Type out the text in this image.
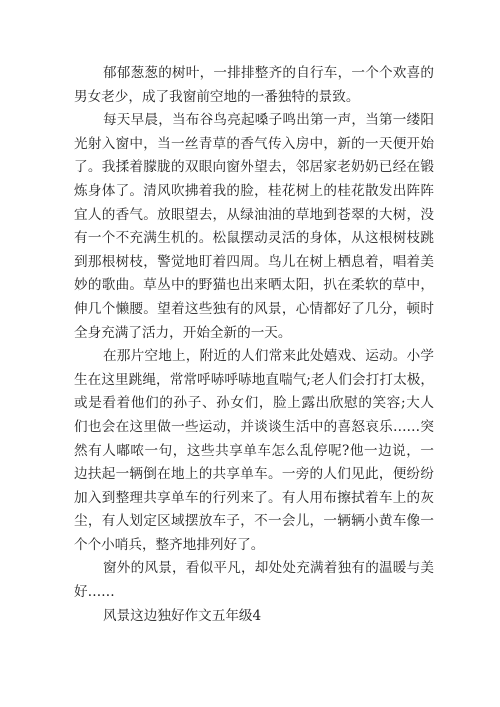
郁郁葱葱的树叶，一排排整齐的自行车，一个个欢喜的
男女老少，成了我窗前空地的一番独特的景致。
每天早晨，当布谷鸟亮起嗓子鸣出第一声，当第一缕阳
光射入窗中，当一丝青草的香气传入房中，新的一天便开始
了。我揉着朦胧的双眼向窗外望去，邻居家老奶奶已经在锻
炼身体了。清风吹拂着我的脸，桂花树上的桂花散发出阵阵
宜人的香气。放眼望去，从绿油油的草地到苍翠的大树，没
有一个不充满生机的。松鼠摆动灵活的身体，从这根树枝跳
到那根树枝，警觉地盯着四周。鸟儿在树上栖息着，唱着美
妙的歌曲。草丛中的野猫也出来晒太阳，扒在柔软的草中，
伸几个懒腰。望着这些独有的风景，心情都好了几分，顿时
全身充满了活力，开始全新的一天。
在那片空地上，附近的人们常来此处嬉戏、运动。小学
生在这里跳绳，常常呼哧呼哧地直喘气;老人们会打打太极，
或是看着他们的孙子、孙女们，脸上露出欣慰的笑容;大人
们也会在这里做一些运动，并谈谈生活中的喜怒哀乐……突
然有人嘟哝一句，这些共享单车怎么乱停呢?他一边说，一
边扶起一辆倒在地上的共享单车。一旁的人们见此，便纷纷
加入到整理共享单车的行列来了。有人用布擦拭着车上的灰
尘，有人划定区域摆放车子，不一会儿，一辆辆小黄车像一
个个小哨兵，整齐地排列好了。
窗外的风景，看似平凡，却处处充满着独有的温暖与美
好……
风景这边独好作文五年级4
